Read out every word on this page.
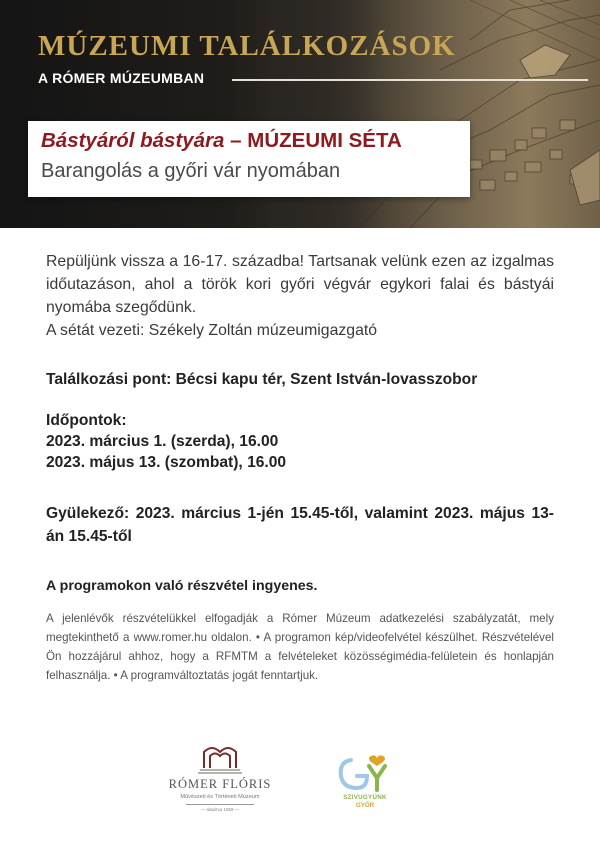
MÚZEUMI TALÁLKOZÁSOK
A RÓMER MÚZEUMBAN
Bástyáról bástyára – MÚZEUMI SÉTA
Barangolás a győri vár nyomában

Repüljünk vissza a 16-17. századba! Tartsanak velünk ezen az izgalmas időutazáson, ahol a török kori győri végvár egykori falai és bástyái nyomába szegődünk.

A sétát vezeti: Székely Zoltán múzeumigazgató

Találkozási pont: Bécsi kapu tér, Szent István-lovasszobor
Időpontok:
2023. március 1. (szerda), 16.00
2023. május 13. (szombat), 16.00
Gyülekező: 2023. március 1-jén 15.45-től, valamint 2023. május 13-án 15.45-től
A programokon való részvétel ingyenes.
A jelenlévők részvételükkel elfogadják a Rómer Múzeum adatkezelési szabályzatát, mely megtekinthető a www.romer.hu oldalon. • A programon kép/videofelvétel készülhet. Részvételével Ön hozzájárul ahhoz, hogy a RFMTM a felvételeket közösségimédia-felületein és honlapján felhasználja. • A programváltoztatás jogát fenntartjuk.
RÓMER FLÓRIS
Művészeti és Történeti Múzeum
— alapítva 1859 —
SZIVUGYÜNK
GYŐR
